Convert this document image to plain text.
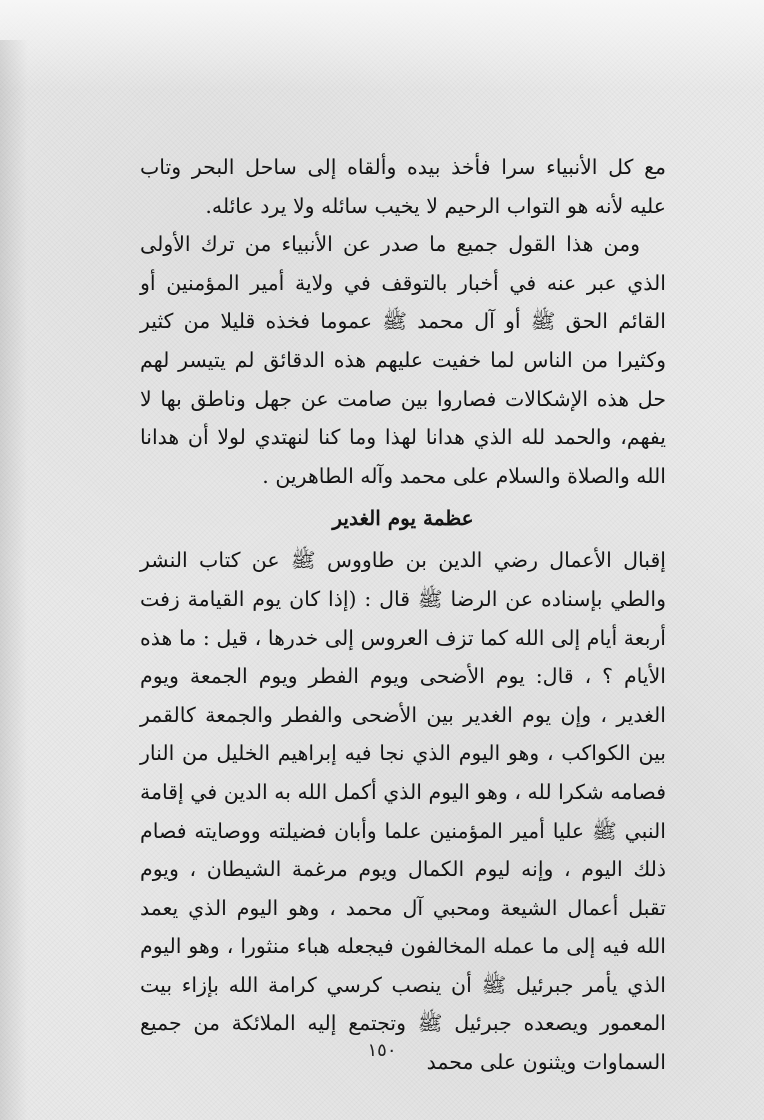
مع كل الأنبياء سرا فأخذ بيده وألقاه إلى ساحل البحر وتاب عليه لأنه هو التواب الرحيم لا يخيب سائله ولا يرد عائله.

ومن هذا القول جميع ما صدر عن الأنبياء من ترك الأولى الذي عبر عنه في أخبار بالتوقف في ولاية أمير المؤمنين أو القائم الحق ﷺ أو آل محمد ﷺ عموما فخذه قليلا من كثير وكثيرا من الناس لما خفيت عليهم هذه الدقائق لم يتيسر لهم حل هذه الإشكالات فصاروا بين صامت عن جهل وناطق بها لا يفهم، والحمد لله الذي هدانا لهذا وما كنا لنهتدي لولا أن هدانا الله والصلاة والسلام على محمد وآله الطاهرين .

عظمة يوم الغدير

إقبال الأعمال رضي الدين بن طاووس ﷺ عن كتاب النشر والطي بإسناده عن الرضا ﷺ قال : (إذا كان يوم القيامة زفت أربعة أيام إلى الله كما تزف العروس إلى خدرها ، قيل : ما هذه الأيام ؟ ، قال: يوم الأضحى ويوم الفطر ويوم الجمعة ويوم الغدير ، وإن يوم الغدير بين الأضحى والفطر والجمعة كالقمر بين الكواكب ، وهو اليوم الذي نجا فيه إبراهيم الخليل من النار فصامه شكرا لله ، وهو اليوم الذي أكمل الله به الدين في إقامة النبي ﷺ عليا أمير المؤمنين علما وأبان فضيلته ووصايته فصام ذلك اليوم ، وإنه ليوم الكمال ويوم مرغمة الشيطان ، ويوم تقبل أعمال الشيعة ومحبي آل محمد ، وهو اليوم الذي يعمد الله فيه إلى ما عمله المخالفون فيجعله هباء منثورا ، وهو اليوم الذي يأمر جبرئيل ﷺ أن ينصب كرسي كرامة الله بإزاء بيت المعمور ويصعده جبرئيل ﷺ وتجتمع إليه الملائكة من جميع السماوات ويثنون على محمد

١٥٠
